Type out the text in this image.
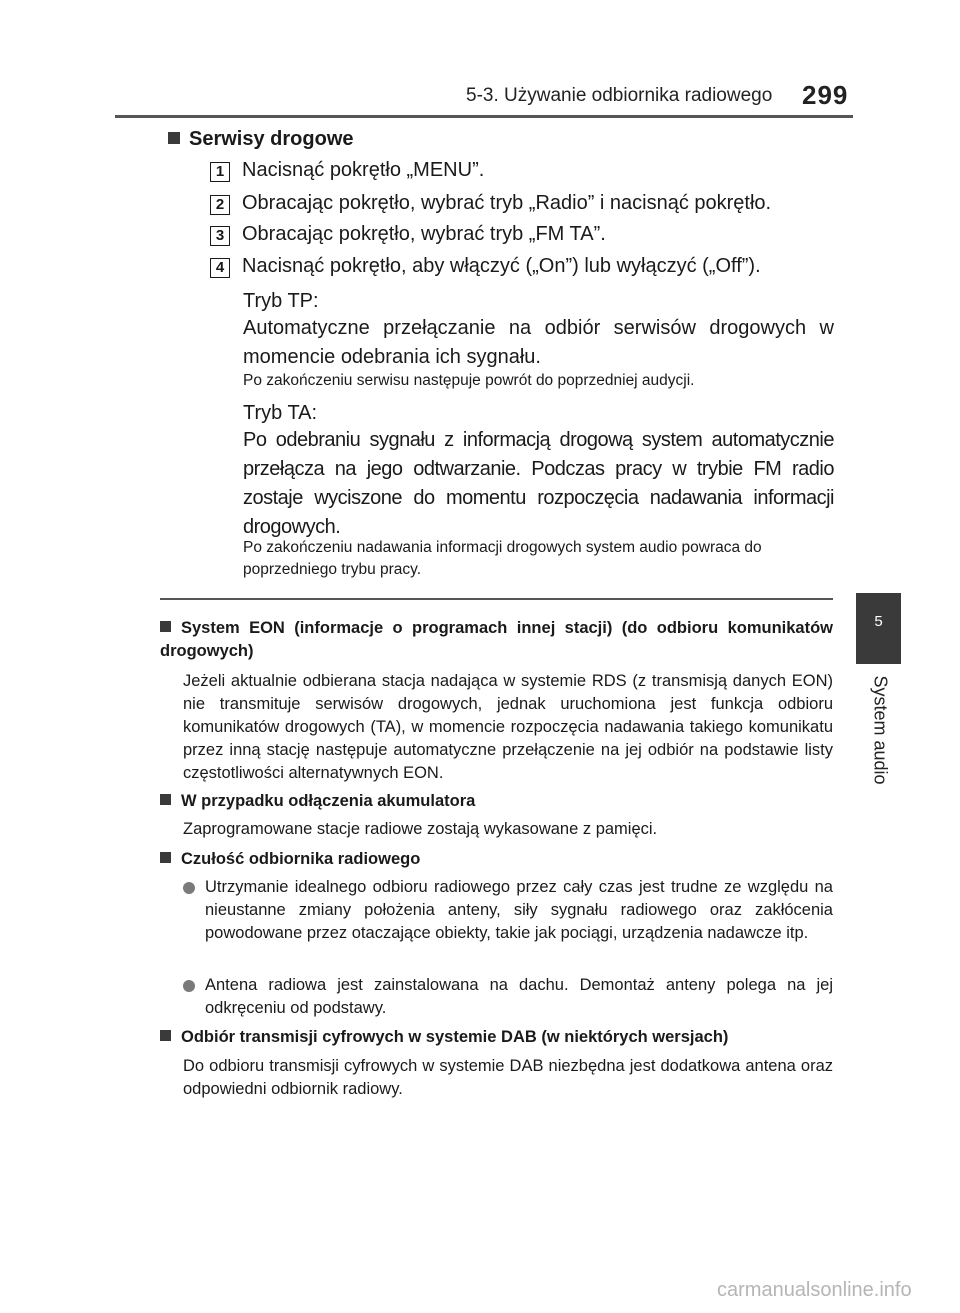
5-3. Używanie odbiornika radiowego 299
5
System audio
Serwisy drogowe
1 Nacisnąć pokrętło „MENU”.
2 Obracając pokrętło, wybrać tryb „Radio” i nacisnąć pokrętło.
3 Obracając pokrętło, wybrać tryb „FM TA”.
4 Nacisnąć pokrętło, aby włączyć („On”) lub wyłączyć („Off”).
Tryb TP:
Automatyczne przełączanie na odbiór serwisów drogowych w momencie odebrania ich sygnału.
Po zakończeniu serwisu następuje powrót do poprzedniej audycji.
Tryb TA:
Po odebraniu sygnału z informacją drogową system automatycznie przełącza na jego odtwarzanie. Podczas pracy w trybie FM radio zostaje wyciszone do momentu rozpoczęcia nadawania informacji drogowych.
Po zakończeniu nadawania informacji drogowych system audio powraca do poprzedniego trybu pracy.
System EON (informacje o programach innej stacji) (do odbioru komunikatów drogowych)
Jeżeli aktualnie odbierana stacja nadająca w systemie RDS (z transmisją danych EON) nie transmituje serwisów drogowych, jednak uruchomiona jest funkcja odbioru komunikatów drogowych (TA), w momencie rozpoczęcia nadawania takiego komunikatu przez inną stację następuje automatyczne przełączenie na jej odbiór na podstawie listy częstotliwości alternatywnych EON.
W przypadku odłączenia akumulatora
Zaprogramowane stacje radiowe zostają wykasowane z pamięci.
Czułość odbiornika radiowego
Utrzymanie idealnego odbioru radiowego przez cały czas jest trudne ze względu na nieustanne zmiany położenia anteny, siły sygnału radiowego oraz zakłócenia powodowane przez otaczające obiekty, takie jak pociągi, urządzenia nadawcze itp.
Antena radiowa jest zainstalowana na dachu. Demontaż anteny polega na jej odkręceniu od podstawy.
Odbiór transmisji cyfrowych w systemie DAB (w niektórych wersjach)
Do odbioru transmisji cyfrowych w systemie DAB niezbędna jest dodatkowa antena oraz odpowiedni odbiornik radiowy.
carmanualsonline.info
